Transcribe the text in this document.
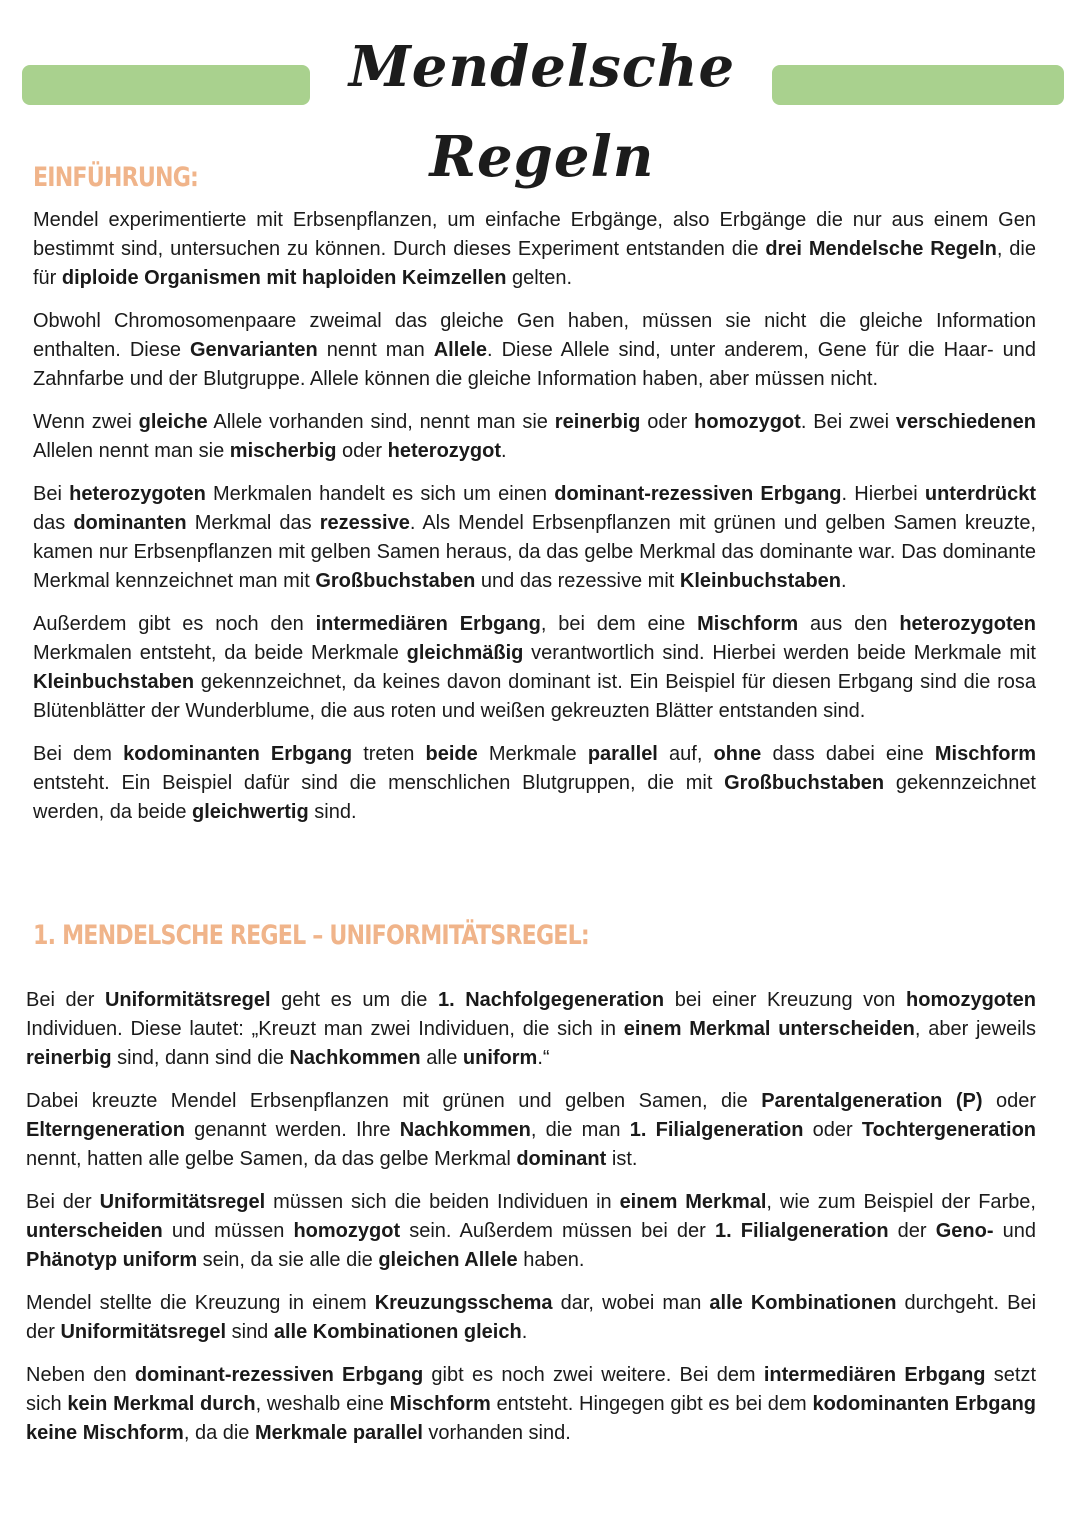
Mendelsche Regeln
EINFÜHRUNG:

Mendel experimentierte mit Erbsenpflanzen, um einfache Erbgänge, also Erbgänge die nur aus einem Gen bestimmt sind, untersuchen zu können. Durch dieses Experiment entstanden die drei Mendelsche Regeln, die für diploide Organismen mit haploiden Keimzellen gelten.

Obwohl Chromosomenpaare zweimal das gleiche Gen haben, müssen sie nicht die gleiche Information enthalten. Diese Genvarianten nennt man Allele. Diese Allele sind, unter anderem, Gene für die Haar- und Zahnfarbe und der Blutgruppe. Allele können die gleiche Information haben, aber müssen nicht.

Wenn zwei gleiche Allele vorhanden sind, nennt man sie reinerbig oder homozygot. Bei zwei verschiedenen Allelen nennt man sie mischerbig oder heterozygot.

Bei heterozygoten Merkmalen handelt es sich um einen dominant-rezessiven Erbgang. Hierbei unterdrückt das dominanten Merkmal das rezessive. Als Mendel Erbsenpflanzen mit grünen und gelben Samen kreuzte, kamen nur Erbsenpflanzen mit gelben Samen heraus, da das gelbe Merkmal das dominante war. Das dominante Merkmal kennzeichnet man mit Großbuchstaben und das rezessive mit Kleinbuchstaben.

Außerdem gibt es noch den intermediären Erbgang, bei dem eine Mischform aus den heterozygoten Merkmalen entsteht, da beide Merkmale gleichmäßig verantwortlich sind. Hierbei werden beide Merkmale mit Kleinbuchstaben gekennzeichnet, da keines davon dominant ist. Ein Beispiel für diesen Erbgang sind die rosa Blütenblätter der Wunderblume, die aus roten und weißen gekreuzten Blätter entstanden sind.

Bei dem kodominanten Erbgang treten beide Merkmale parallel auf, ohne dass dabei eine Mischform entsteht. Ein Beispiel dafür sind die menschlichen Blutgruppen, die mit Großbuchstaben gekennzeichnet werden, da beide gleichwertig sind.

1. MENDELSCHE REGEL – UNIFORMITÄTSREGEL:

Bei der Uniformitätsregel geht es um die 1. Nachfolgegeneration bei einer Kreuzung von homozygoten Individuen. Diese lautet: „Kreuzt man zwei Individuen, die sich in einem Merkmal unterscheiden, aber jeweils reinerbig sind, dann sind die Nachkommen alle uniform.“

Dabei kreuzte Mendel Erbsenpflanzen mit grünen und gelben Samen, die Parentalgeneration (P) oder Elterngeneration genannt werden. Ihre Nachkommen, die man 1. Filialgeneration oder Tochtergeneration nennt, hatten alle gelbe Samen, da das gelbe Merkmal dominant ist.

Bei der Uniformitätsregel müssen sich die beiden Individuen in einem Merkmal, wie zum Beispiel der Farbe, unterscheiden und müssen homozygot sein. Außerdem müssen bei der 1. Filialgeneration der Geno- und Phänotyp uniform sein, da sie alle die gleichen Allele haben.

Mendel stellte die Kreuzung in einem Kreuzungsschema dar, wobei man alle Kombinationen durchgeht. Bei der Uniformitätsregel sind alle Kombinationen gleich.

Neben den dominant-rezessiven Erbgang gibt es noch zwei weitere. Bei dem intermediären Erbgang setzt sich kein Merkmal durch, weshalb eine Mischform entsteht. Hingegen gibt es bei dem kodominanten Erbgang keine Mischform, da die Merkmale parallel vorhanden sind.
